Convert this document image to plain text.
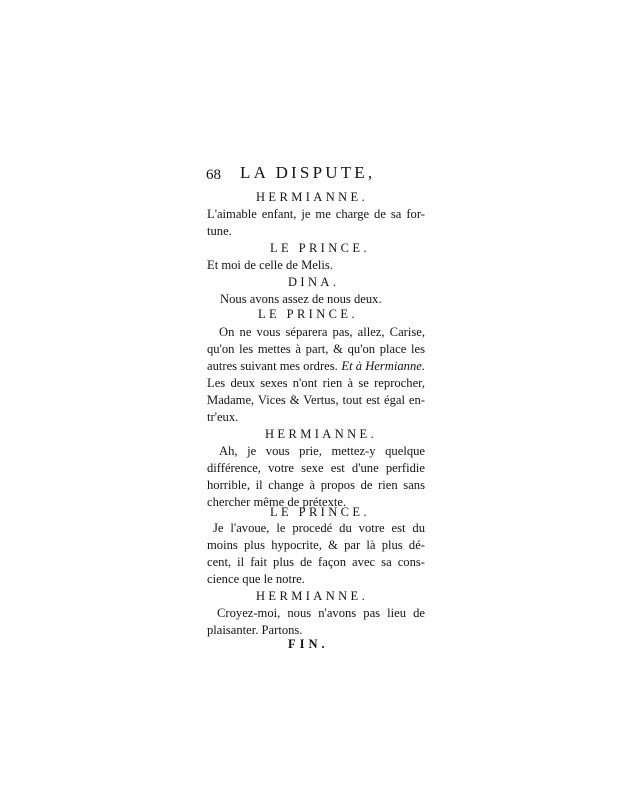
68 LA DISPUTE,
HERMIANNE.
L'aimable enfant, je me charge de sa for-
tune.
LE PRINCE.
Et moi de celle de Melis.
DINA.
Nous avons assez de nous deux.
LE PRINCE.
On ne vous séparera pas, allez, Carise,
qu'on les mettes à part, & qu'on place les
autres suivant mes ordres. Et à Hermianne.
Les deux sexes n'ont rien à se reprocher,
Madame, Vices & Vertus, tout est égal en-
tr'eux.
HERMIANNE.
Ah, je vous prie, mettez-y quelque
différence, votre sexe est d'une perfidie
horrible, il change à propos de rien sans
chercher même de prétexte.
LE PRINCE.
Je l'avoue, le procedé du votre est du
moins plus hypocrite, & par là plus dé-
cent, il fait plus de façon avec sa cons-
cience que le notre.
HERMIANNE.
Croyez-moi, nous n'avons pas lieu de
plaisanter. Partons.
FIN.
